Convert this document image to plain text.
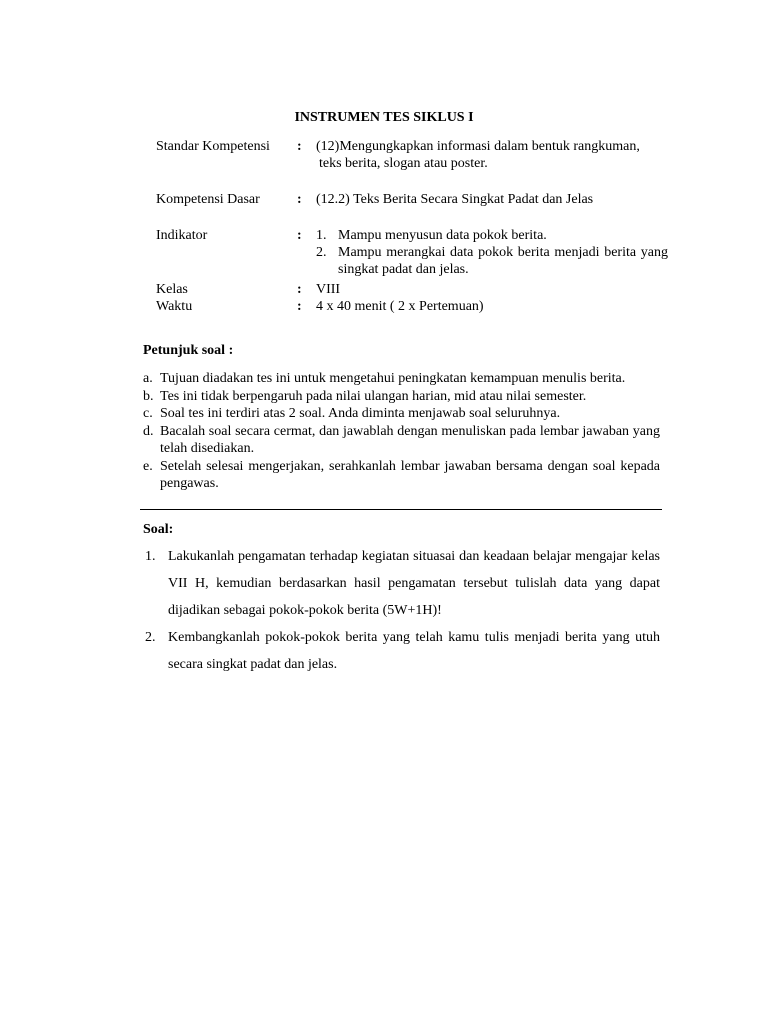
INSTRUMEN TES SIKLUS I
Standar Kompetensi : (12)Mengungkapkan informasi dalam bentuk rangkuman,
teks berita, slogan atau poster.
Kompetensi Dasar	: (12.2) Teks Berita Secara Singkat Padat dan Jelas
Indikator	: 1. Mampu menyusun data pokok berita.
2. Mampu merangkai data pokok berita menjadi berita yang singkat padat dan jelas.
Kelas	: VIII
Waktu	: 4 x 40 menit ( 2 x Pertemuan)
Petunjuk soal :
a. Tujuan diadakan tes ini untuk mengetahui peningkatan kemampuan menulis berita.
b. Tes ini tidak berpengaruh pada nilai ulangan harian, mid atau nilai semester.
c. Soal tes ini terdiri atas 2 soal. Anda diminta menjawab soal seluruhnya.
d. Bacalah soal secara cermat, dan jawablah dengan menuliskan pada lembar jawaban yang telah disediakan.
e. Setelah selesai mengerjakan, serahkanlah lembar jawaban bersama dengan soal kepada pengawas.
Soal:
1. Lakukanlah pengamatan terhadap kegiatan situasai dan keadaan belajar mengajar kelas VII H, kemudian berdasarkan hasil pengamatan tersebut tulislah data yang dapat dijadikan sebagai pokok-pokok berita (5W+1H)!
2. Kembangkanlah pokok-pokok berita yang telah kamu tulis menjadi berita yang utuh secara singkat padat dan jelas.
